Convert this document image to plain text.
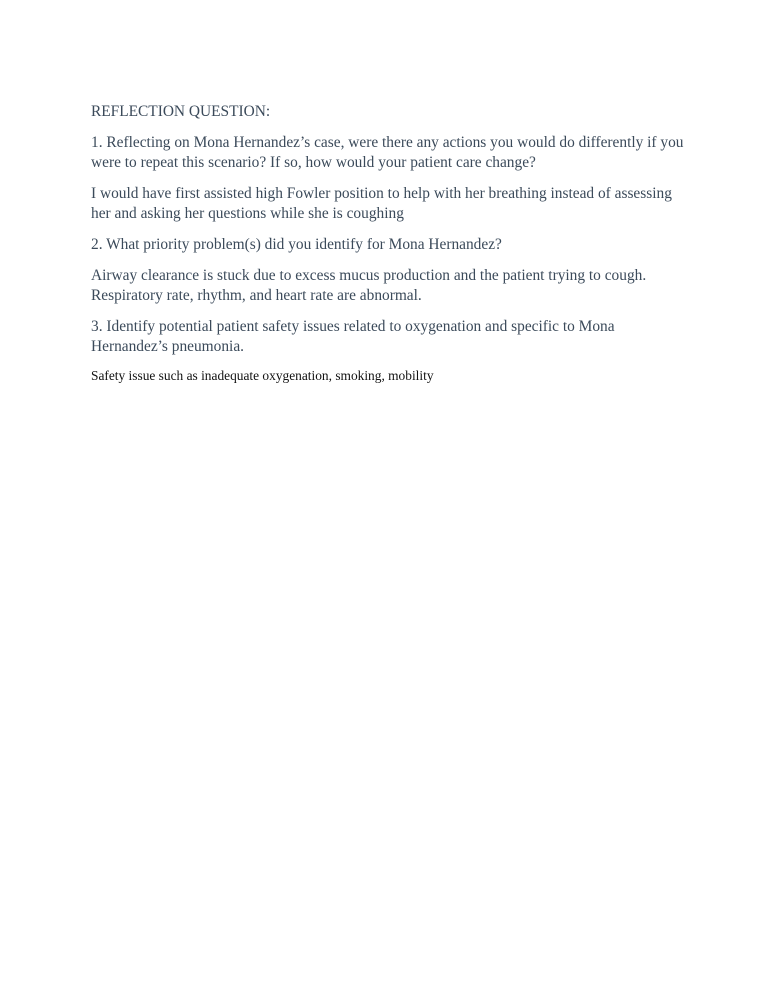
REFLECTION QUESTION:

1. Reflecting on Mona Hernandez’s case, were there any actions you would do differently if you were to repeat this scenario? If so, how would your patient care change?

I would have first assisted high Fowler position to help with her breathing instead of assessing her and asking her questions while she is coughing

2. What priority problem(s) did you identify for Mona Hernandez?

Airway clearance is stuck due to excess mucus production and the patient trying to cough. Respiratory rate, rhythm, and heart rate are abnormal.

3. Identify potential patient safety issues related to oxygenation and specific to Mona Hernandez’s pneumonia.

Safety issue such as inadequate oxygenation, smoking, mobility
